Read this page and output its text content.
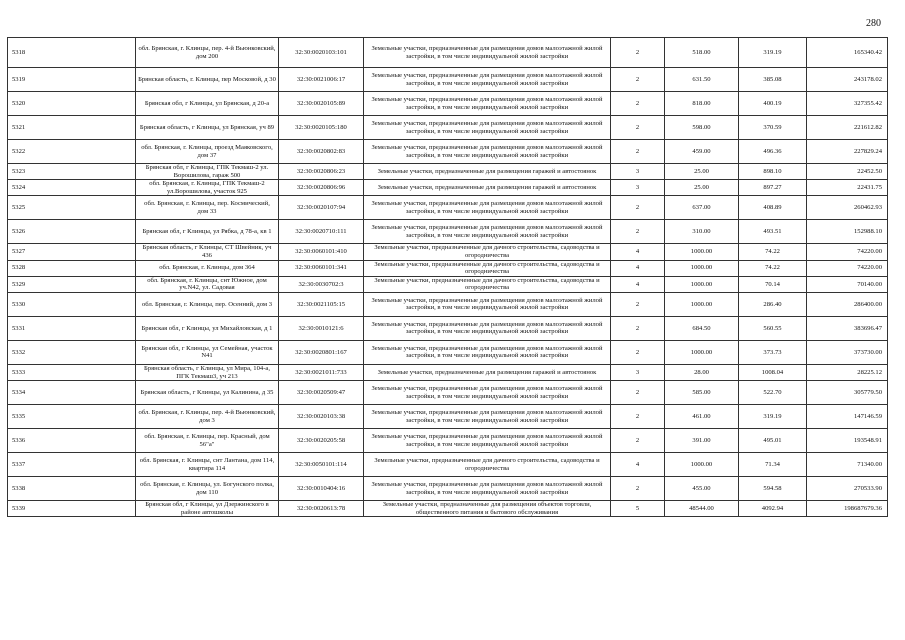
280
5318	обл. Брянская, г. Клинцы, пер. 4-й Вьюнковский, дом 200	32:30:0020103:101	Земельные участки, предназначенные для размещения домов малоэтажной жилой застройки, в том числе индивидуальной жилой застройки	2	518.00	319.19	165340.42
5319	Брянская область, г. Клинцы, пер Московой, д 30	32:30:0021006:17	Земельные участки, предназначенные для размещения домов малоэтажной жилой застройки, в том числе индивидуальной жилой застройки	2	631.50	385.08	243178.02
5320	Брянская обл, г Клинцы, ул Брянская, д 20-а	32:30:0020105:89	Земельные участки, предназначенные для размещения домов малоэтажной жилой застройки, в том числе индивидуальной жилой застройки	2	818.00	400.19	327355.42
5321	Брянская область, г Клинцы, ул Брянская, уч 89	32:30:0020105:180	Земельные участки, предназначенные для размещения домов малоэтажной жилой застройки, в том числе индивидуальной жилой застройки	2	598.00	370.59	221612.82
5322	обл. Брянская, г. Клинцы, проезд Маяковского, дом 37	32:30:0020802:83	Земельные участки, предназначенные для размещения домов малоэтажной жилой застройки, в том числе индивидуальной жилой застройки	2	459.00	496.36	227829.24
5323	Брянская обл, г Клинцы, ГПК Текмаш-2 ул. Ворошилова, гараж 500	32:30:0020806:23	Земельные участки, предназначенные для размещения гаражей и автостоянок	3	25.00	898.10	22452.50
5324	обл. Брянская, г. Клинцы, ГПК Текмаш-2 ул.Ворошилова, участок 925	32:30:0020806:96	Земельные участки, предназначенные для размещения гаражей и автостоянок	3	25.00	897.27	22431.75
5325	обл. Брянская, г. Клинцы, пер. Космический, дом 33	32:30:0020107:94	Земельные участки, предназначенные для размещения домов малоэтажной жилой застройки, в том числе индивидуальной жилой застройки	2	637.00	408.89	260462.93
5326	Брянская обл, г Клинцы, ул Рябка, д 78-а, кв 1	32:30:0020710:111	Земельные участки, предназначенные для размещения домов малоэтажной жилой застройки, в том числе индивидуальной жилой застройки	2	310.00	493.51	152988.10
5327	Брянская область, г Клинцы, СТ Швейник, уч 436	32:30:0060101:410	Земельные участки, предназначенные для дачного строительства, садоводства и огородничества	4	1000.00	74.22	74220.00
5328	обл. Брянская, г. Клинцы, дом 364	32:30:0060101:341	Земельные участки, предназначенные для дачного строительства, садоводства и огородничества	4	1000.00	74.22	74220.00
5329	обл. Брянская, г. Клинцы, снт Южное, дом уч.N42, ул. Садовая	32:30:0030702:3	Земельные участки, предназначенные для дачного строительства, садоводства и огородничества	4	1000.00	70.14	70140.00
5330	обл. Брянская, г. Клинцы, пер. Осенний, дом 3	32:30:0021105:15	Земельные участки, предназначенные для размещения домов малоэтажной жилой застройки, в том числе индивидуальной жилой застройки	2	1000.00	286.40	286400.00
5331	Брянская обл, г Клинцы, ул Михайловская, д 1	32:30:0010121:6	Земельные участки, предназначенные для размещения домов малоэтажной жилой застройки, в том числе индивидуальной жилой застройки	2	684.50	560.55	383696.47
5332	Брянская обл, г Клинцы, ул Семейная, участок N41	32:30:0020801:167	Земельные участки, предназначенные для размещения домов малоэтажной жилой застройки, в том числе индивидуальной жилой застройки	2	1000.00	373.73	373730.00
5333	Брянская область, г Клинцы, ул Мира, 104-а, ПГК Текмаш3, уч 213	32:30:0021011:733	Земельные участки, предназначенные для размещения гаражей и автостоянок	3	28.00	1008.04	28225.12
5334	Брянская область, г Клинцы, ул Калинина, д 35	32:30:0020509:47	Земельные участки, предназначенные для размещения домов малоэтажной жилой застройки, в том числе индивидуальной жилой застройки	2	585.00	522.70	305779.50
5335	обл. Брянская, г. Клинцы, пер. 4-й Вьюнковский, дом 3	32:30:0020103:38	Земельные участки, предназначенные для размещения домов малоэтажной жилой застройки, в том числе индивидуальной жилой застройки	2	461.00	319.19	147146.59
5336	обл. Брянская, г. Клинцы, пер. Красный, дом 56"а"	32:30:0020205:58	Земельные участки, предназначенные для размещения домов малоэтажной жилой застройки, в том числе индивидуальной жилой застройки	2	391.00	495.01	193548.91
5337	обл. Брянская, г. Клинцы, снт Лантана, дом 114, квартира 114	32:30:0050101:114	Земельные участки, предназначенные для дачного строительства, садоводства и огородничества	4	1000.00	71.34	71340.00
5338	обл. Брянская, г. Клинцы, ул. Богунского полка, дом 110	32:30:0010404:16	Земельные участки, предназначенные для размещения домов малоэтажной жилой застройки, в том числе индивидуальной жилой застройки	2	455.00	594.58	270533.90
5339	Брянская обл, г Клинцы, ул Дзержинского в районе автошколы	32:30:0020613:78	Земельные участки, предназначенные для размещения объектов торговли, общественного питания и бытового обслуживания	5	48544.00	4092.94	198687679.36
